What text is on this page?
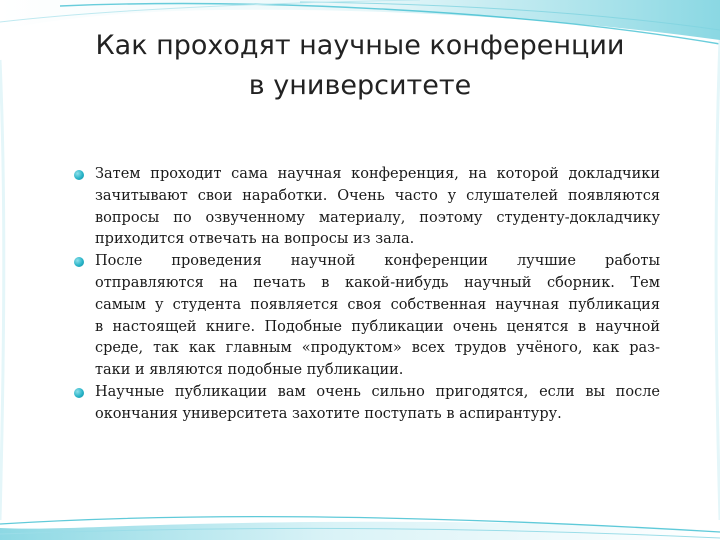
Как проходят научные конференции
в университете
Затем проходит сама научная конференция, на которой докладчики
зачитывают свои наработки. Очень часто у слушателей появляются
вопросы по озвученному материалу, поэтому студенту-докладчику
приходится отвечать на вопросы из зала.
После проведения научной конференции лучшие работы
отправляются на печать в какой-нибудь научный сборник. Тем
самым у студента появляется своя собственная научная публикация
в настоящей книге. Подобные публикации очень ценятся в научной
среде, так как главным «продуктом» всех трудов учёного, как раз-
таки и являются подобные публикации.
Научные публикации вам очень сильно пригодятся, если вы после
окончания университета захотите поступать в аспирантуру.
